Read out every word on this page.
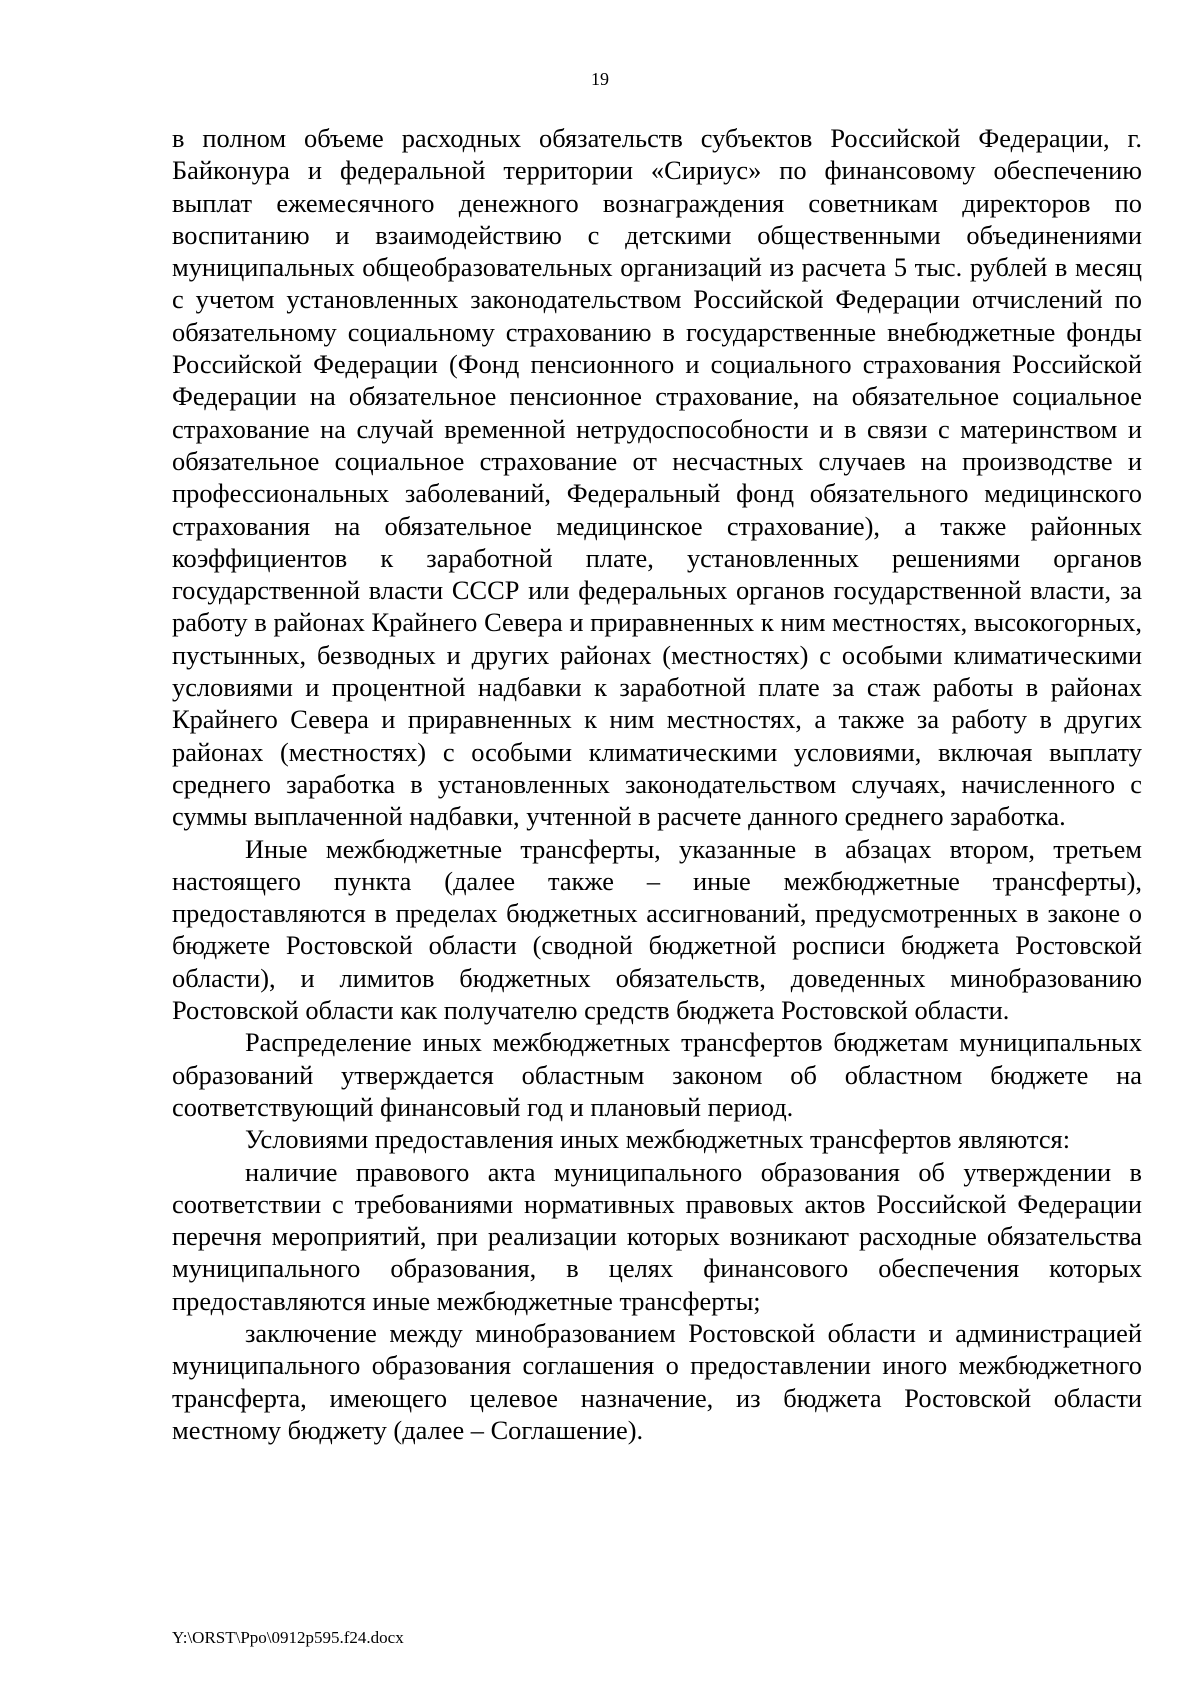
19

в полном объеме расходных обязательств субъектов Российской Федерации, г. Байконура и федеральной территории «Сириус» по финансовому обеспечению выплат ежемесячного денежного вознаграждения советникам директоров по воспитанию и взаимодействию с детскими общественными объединениями муниципальных общеобразовательных организаций из расчета 5 тыс. рублей в месяц с учетом установленных законодательством Российской Федерации отчислений по обязательному социальному страхованию в государственные внебюджетные фонды Российской Федерации (Фонд пенсионного и социального страхования Российской Федерации на обязательное пенсионное страхование, на обязательное социальное страхование на случай временной нетрудоспособности и в связи с материнством и обязательное социальное страхование от несчастных случаев на производстве и профессиональных заболеваний, Федеральный фонд обязательного медицинского страхования на обязательное медицинское страхование), а также районных коэффициентов к заработной плате, установленных решениями органов государственной власти СССР или федеральных органов государственной власти, за работу в районах Крайнего Севера и приравненных к ним местностях, высокогорных, пустынных, безводных и других районах (местностях) с особыми климатическими условиями и процентной надбавки к заработной плате за стаж работы в районах Крайнего Севера и приравненных к ним местностях, а также за работу в других районах (местностях) с особыми климатическими условиями, включая выплату среднего заработка в установленных законодательством случаях, начисленного с суммы выплаченной надбавки, учтенной в расчете данного среднего заработка.

Иные межбюджетные трансферты, указанные в абзацах втором, третьем настоящего пункта (далее также – иные межбюджетные трансферты), предоставляются в пределах бюджетных ассигнований, предусмотренных в законе о бюджете Ростовской области (сводной бюджетной росписи бюджета Ростовской области), и лимитов бюджетных обязательств, доведенных минобразованию Ростовской области как получателю средств бюджета Ростовской области.

Распределение иных межбюджетных трансфертов бюджетам муниципальных образований утверждается областным законом об областном бюджете на соответствующий финансовый год и плановый период.

Условиями предоставления иных межбюджетных трансфертов являются:

наличие правового акта муниципального образования об утверждении в соответствии с требованиями нормативных правовых актов Российской Федерации перечня мероприятий, при реализации которых возникают расходные обязательства муниципального образования, в целях финансового обеспечения которых предоставляются иные межбюджетные трансферты;

заключение между минобразованием Ростовской области и администрацией муниципального образования соглашения о предоставлении иного межбюджетного трансферта, имеющего целевое назначение, из бюджета Ростовской области местному бюджету (далее – Соглашение).

Y:\ORST\Ppo\0912p595.f24.docx
